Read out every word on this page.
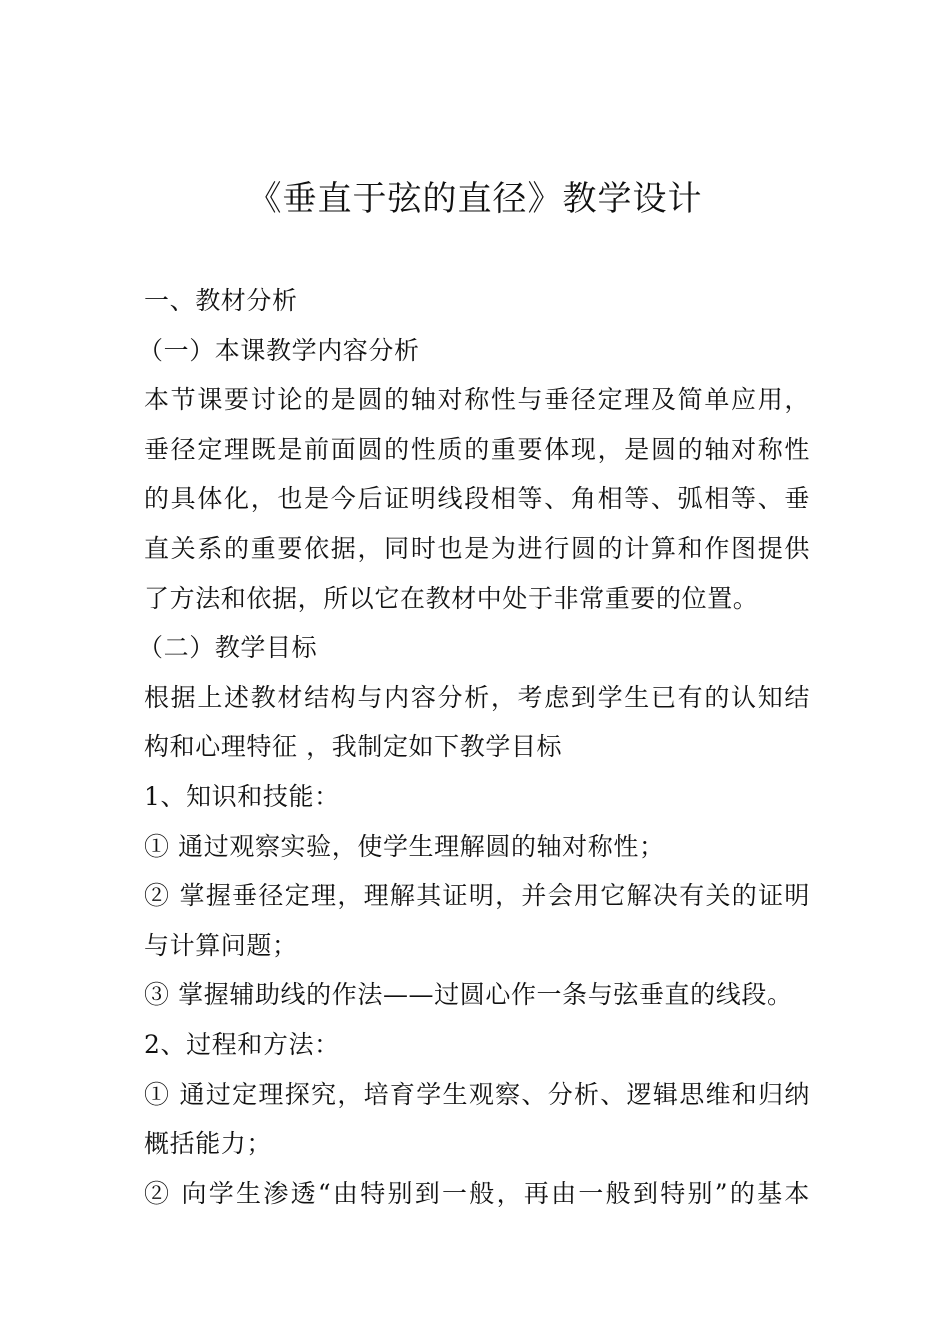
《垂直于弦的直径》教学设计
一、教材分析
（一）本课教学内容分析
本节课要讨论的是圆的轴对称性与垂径定理及简单应用，
垂径定理既是前面圆的性质的重要体现，是圆的轴对称性
的具体化，也是今后证明线段相等、角相等、弧相等、垂
直关系的重要依据，同时也是为进行圆的计算和作图提供
了方法和依据，所以它在教材中处于非常重要的位置。
（二）教学目标
根据上述教材结构与内容分析，考虑到学生已有的认知结
构和心理特征 ，我制定如下教学目标
1、知识和技能：
① 通过观察实验，使学生理解圆的轴对称性；
② 掌握垂径定理，理解其证明，并会用它解决有关的证明
与计算问题；
③ 掌握辅助线的作法——过圆心作一条与弦垂直的线段。
2、过程和方法：
① 通过定理探究，培育学生观察、分析、逻辑思维和归纳
概括能力；
② 向学生渗透“由特别到一般，再由一般到特别”的基本
